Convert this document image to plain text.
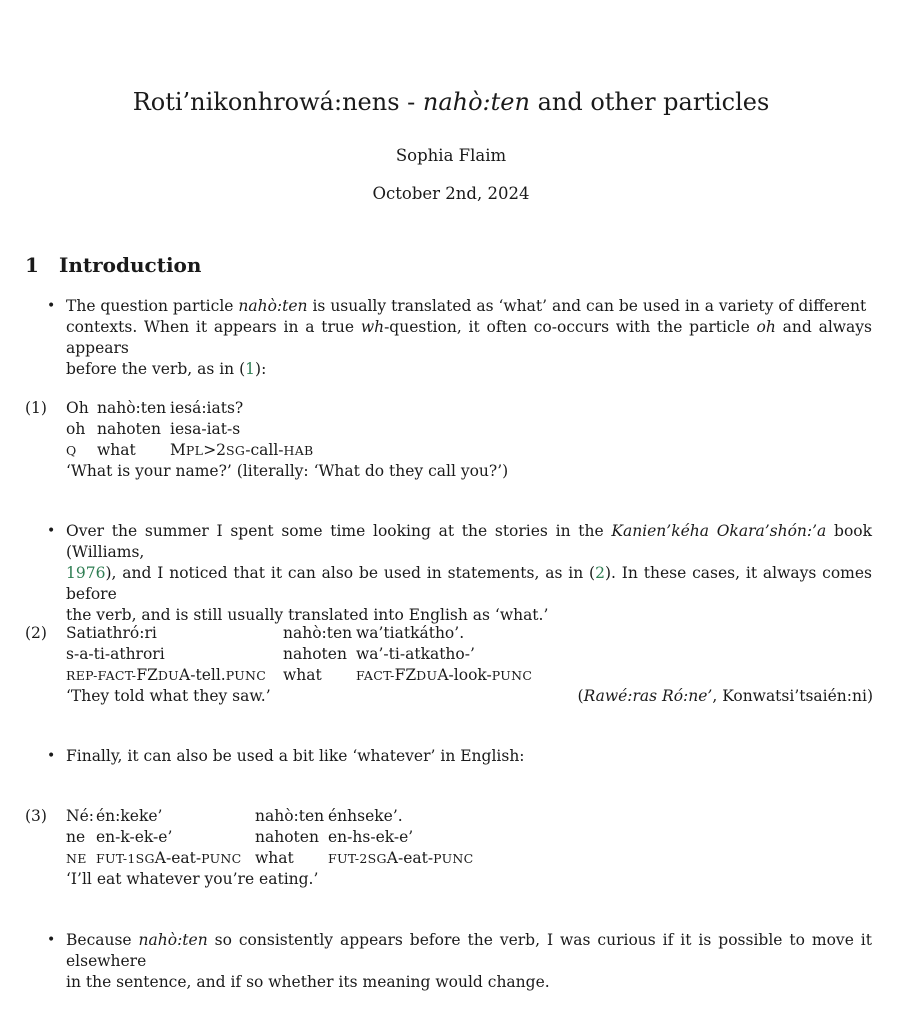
Roti’nikonhrowá:nens - nahò:ten and other particles
Sophia Flaim
October 2nd, 2024
1 Introduction
• The question particle nahò:ten is usually translated as ‘what’ and can be used in a variety of different
contexts. When it appears in a true wh-question, it often co-occurs with the particle oh and always appears
before the verb, as in (1):
(1) Oh nahò:ten iesá:iats?
oh nahoten iesa-iat-s
Q what MPL>2SG-call-HAB
‘What is your name?’ (literally: ‘What do they call you?’)
• Over the summer I spent some time looking at the stories in the Kanien’kéha Okara’shón:’a book (Williams,
1976), and I noticed that it can also be used in statements, as in (2). In these cases, it always comes before
the verb, and is still usually translated into English as ‘what.’
(2) Satiathró:ri	nahò:ten wa’tiatkátho’.
s-a-ti-athrori	nahoten wa’-ti-atkatho-’
REP-FACT-FZDUA-tell.PUNC what	FACT-FZDUA-look-PUNC
‘They told what they saw.’	(Rawé:ras Ró:ne’, Konwatsi’tsaién:ni)
• Finally, it can also be used a bit like ‘whatever’ in English:
(3) Né: én:keke’	nahò:ten énhseke’.
ne en-k-ek-e’	nahoten en-hs-ek-e’
NE FUT-1SGA-eat-PUNC what	FUT-2SGA-eat-PUNC
‘I’ll eat whatever you’re eating.’
• Because nahò:ten so consistently appears before the verb, I was curious if it is possible to move it elsewhere
in the sentence, and if so whether its meaning would change.
